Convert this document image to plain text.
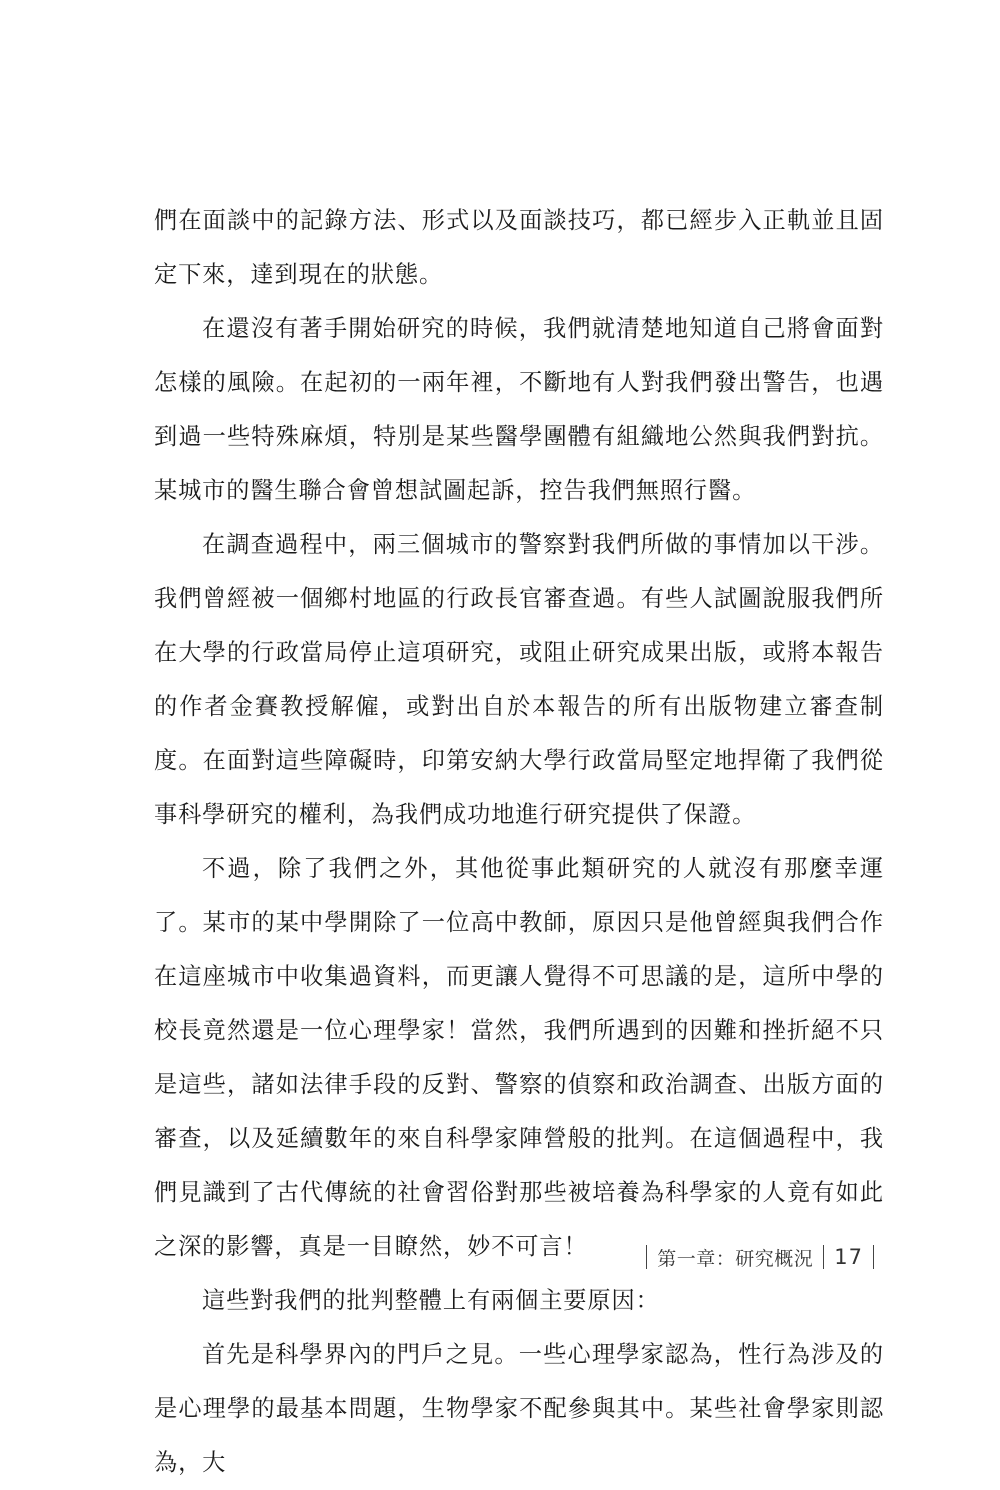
們在面談中的記錄方法、形式以及面談技巧，都已經步入正軌並且固定下來，達到現在的狀態。

在還沒有著手開始研究的時候，我們就清楚地知道自己將會面對怎樣的風險。在起初的一兩年裡，不斷地有人對我們發出警告，也遇到過一些特殊麻煩，特別是某些醫學團體有組織地公然與我們對抗。某城市的醫生聯合會曾想試圖起訴，控告我們無照行醫。

在調查過程中，兩三個城市的警察對我們所做的事情加以干涉。我們曾經被一個鄉村地區的行政長官審查過。有些人試圖說服我們所在大學的行政當局停止這項研究，或阻止研究成果出版，或將本報告的作者金賽教授解僱，或對出自於本報告的所有出版物建立審查制度。在面對這些障礙時，印第安納大學行政當局堅定地捍衛了我們從事科學研究的權利，為我們成功地進行研究提供了保證。

不過，除了我們之外，其他從事此類研究的人就沒有那麼幸運了。某市的某中學開除了一位高中教師，原因只是他曾經與我們合作在這座城市中收集過資料，而更讓人覺得不可思議的是，這所中學的校長竟然還是一位心理學家！當然，我們所遇到的因難和挫折絕不只是這些，諸如法律手段的反對、警察的偵察和政治調查、出版方面的審查，以及延續數年的來自科學家陣營般的批判。在這個過程中，我們見識到了古代傳統的社會習俗對那些被培養為科學家的人竟有如此之深的影響，真是一目瞭然，妙不可言！

這些對我們的批判整體上有兩個主要原因：

首先是科學界內的門戶之見。一些心理學家認為，性行為涉及的是心理學的最基本問題，生物學家不配參與其中。某些社會學家則認為，大

第一章：研究概況 17
